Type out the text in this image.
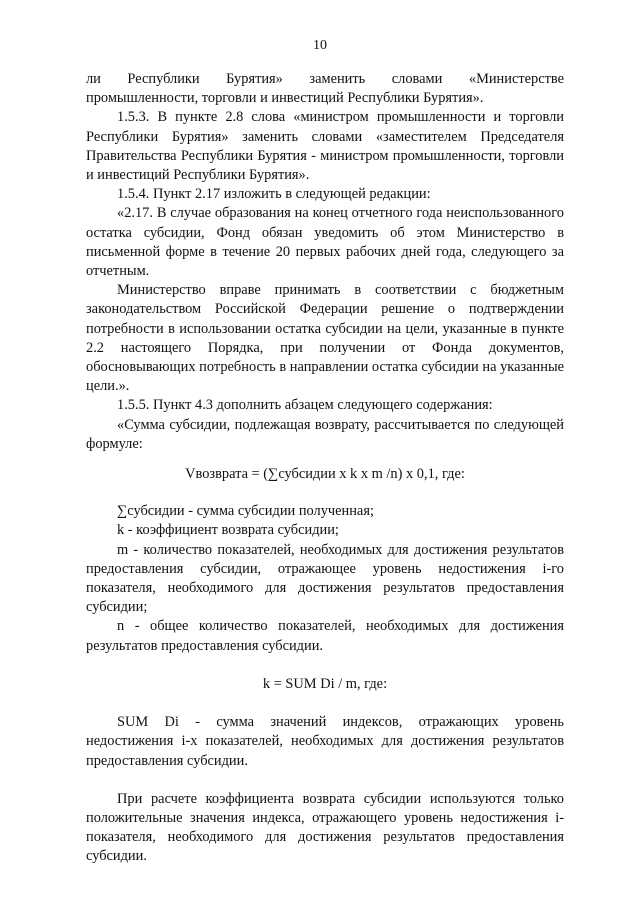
10

ли Республики Бурятия» заменить словами «Министерстве промышленности, торговли и инвестиций Республики Бурятия».

1.5.3. В пункте 2.8 слова «министром промышленности и торговли Республики Бурятия» заменить словами «заместителем Председателя Правительства Республики Бурятия - министром промышленности, торговли и инвестиций Республики Бурятия».

1.5.4. Пункт 2.17 изложить в следующей редакции:

«2.17. В случае образования на конец отчетного года неиспользованного остатка субсидии, Фонд обязан уведомить об этом Министерство в письменной форме в течение 20 первых рабочих дней года, следующего за отчетным.

Министерство вправе принимать в соответствии с бюджетным законодательством Российской Федерации решение о подтверждении потребности в использовании остатка субсидии на цели, указанные в пункте 2.2 настоящего Порядка, при получении от Фонда документов, обосновывающих потребность в направлении остатка субсидии на указанные цели.».

1.5.5. Пункт 4.3 дополнить абзацем следующего содержания:

«Сумма субсидии, подлежащая возврату, рассчитывается по следующей формуле:

Vвозврата = (∑субсидии x k x m /n) x 0,1, где:

∑субсидии - сумма субсидии полученная;

k - коэффициент возврата субсидии;

m - количество показателей, необходимых для достижения результатов предоставления субсидии, отражающее уровень недостижения i-го показателя, необходимого для достижения результатов предоставления субсидии;

n - общее количество показателей, необходимых для достижения результатов предоставления субсидии.

k = SUM Di / m, где:

SUM Di - сумма значений индексов, отражающих уровень недостижения i-х показателей, необходимых для достижения результатов предоставления субсидии.

При расчете коэффициента возврата субсидии используются только положительные значения индекса, отражающего уровень недостижения i-показателя, необходимого для достижения результатов предоставления субсидии.
